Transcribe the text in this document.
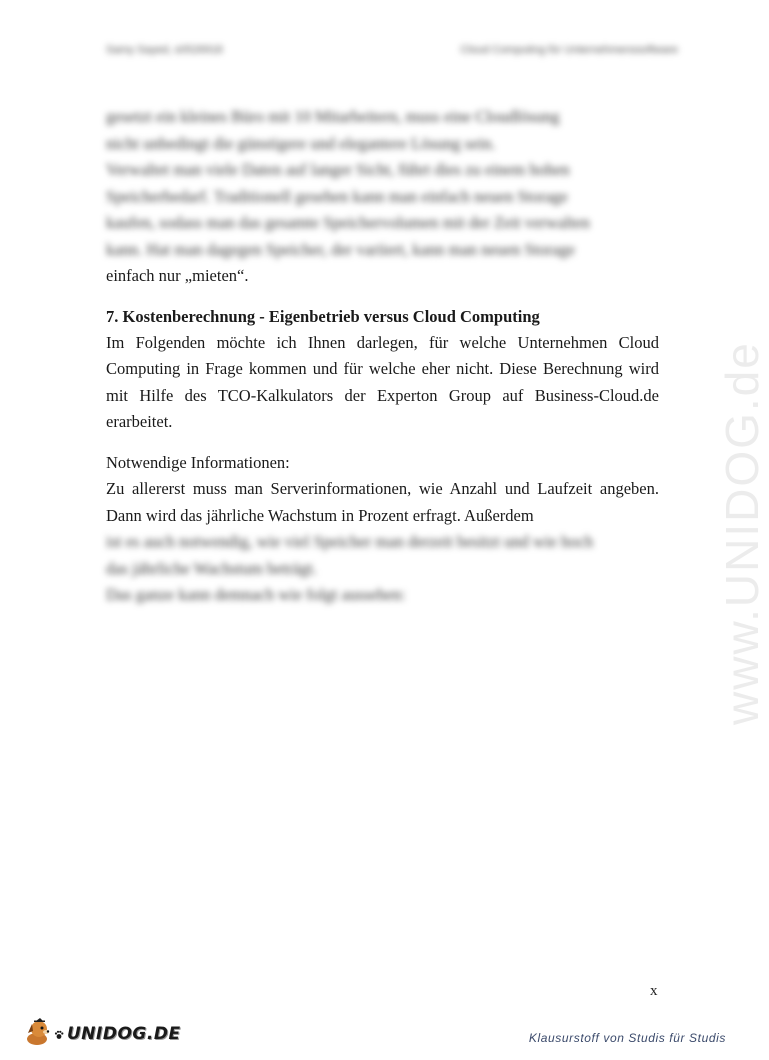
Samy Sayed, s0526918	Cloud Computing für Unternehmenssoftware
www.UNIDOG.de

gesetzt ein kleines Büro mit 10 Mitarbeitern, muss eine Cloudlösung

nicht unbedingt die günstigere und elegantere Lösung sein.

Verwaltet man viele Daten auf langer Sicht, führt dies zu einem hohen

Speicherbedarf. Traditionell gesehen kann man einfach neuen Storage

kaufen, sodass man das gesamte Speichervolumen mit der Zeit verwalten

kann. Hat man dagegen Speicher, der variiert, kann man neuen Storage

einfach nur „mieten“.

7. Kostenberechnung - Eigenbetrieb versus Cloud Computing

Im Folgenden möchte ich Ihnen darlegen, für welche Unternehmen Cloud Computing in Frage kommen und für welche eher nicht. Diese Berechnung wird mit Hilfe des TCO-Kalkulators der Experton Group auf Business-Cloud.de erarbeitet.

Notwendige Informationen:

Zu allererst muss man Serverinformationen, wie Anzahl und Laufzeit angeben. Dann wird das jährliche Wachstum in Prozent erfragt. Außerdem

ist es auch notwendig, wie viel Speicher man derzeit besitzt und wie hoch

das jährliche Wachstum beträgt.

Das ganze kann demnach wie folgt aussehen:

x
UNIDOG.DE	Klausurstoff von Studis für Studis
